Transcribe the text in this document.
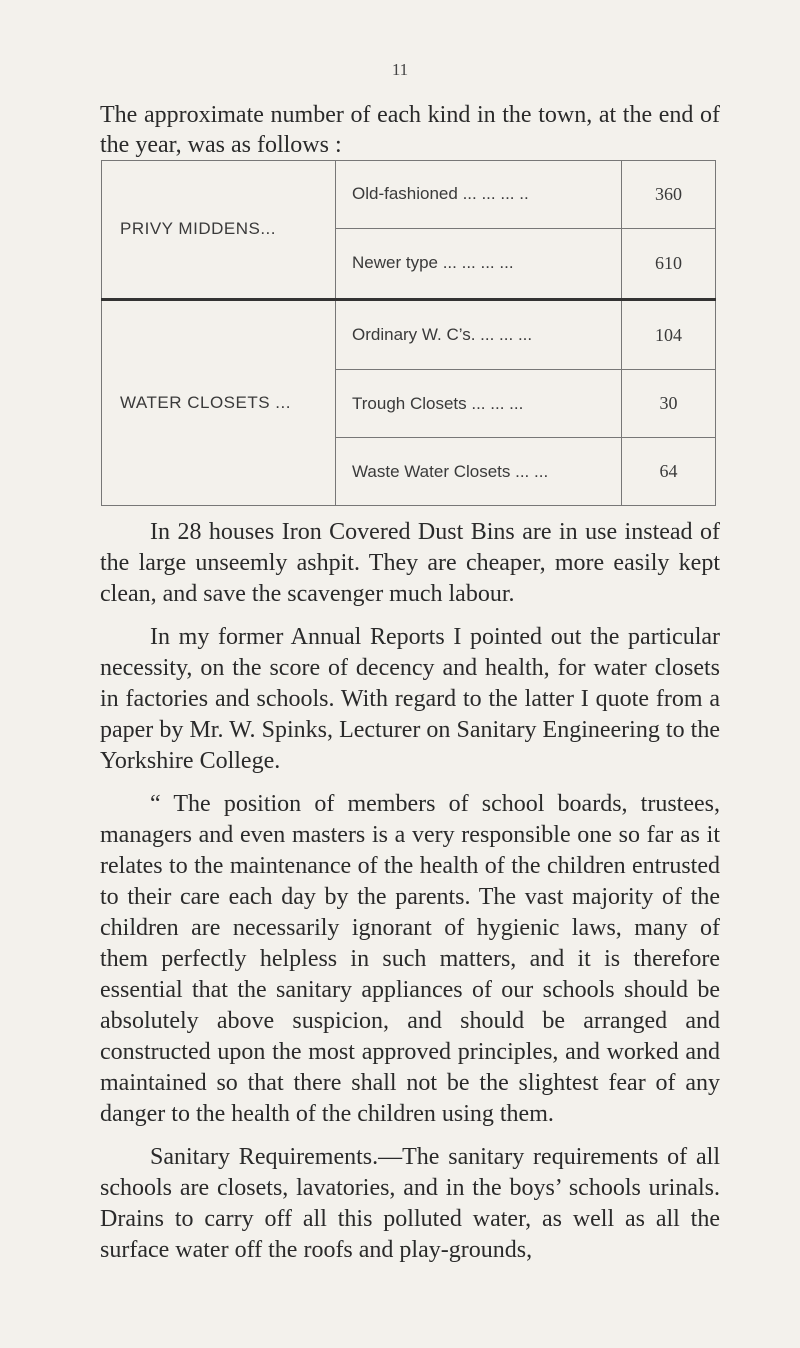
11
The approximate number of each kind in the town, at the end of the year, was as follows :
PRIVY MIDDENS...	Old-fashioned ... ... ... ..	360
	Newer type ... ... ... ...	610
WATER CLOSETS ...	Ordinary W. C’s. ... ... ...	104
	Trough Closets ... ... ...	30
	Waste Water Closets ... ...	64

In 28 houses Iron Covered Dust Bins are in use instead of the large unseemly ashpit. They are cheaper, more easily kept clean, and save the scavenger much labour.

In my former Annual Reports I pointed out the particular necessity, on the score of decency and health, for water closets in factories and schools. With regard to the latter I quote from a paper by Mr. W. Spinks, Lecturer on Sanitary Engineering to the Yorkshire College.

“ The position of members of school boards, trustees, managers and even masters is a very responsible one so far as it relates to the maintenance of the health of the children entrusted to their care each day by the parents. The vast majority of the children are necessarily ignorant of hygienic laws, many of them perfectly helpless in such matters, and it is therefore essential that the sanitary appliances of our schools should be absolutely above suspicion, and should be arranged and constructed upon the most approved principles, and worked and maintained so that there shall not be the slightest fear of any danger to the health of the children using them.

Sanitary Requirements.—The sanitary requirements of all schools are closets, lavatories, and in the boys’ schools urinals. Drains to carry off all this polluted water, as well as all the surface water off the roofs and play-grounds,
